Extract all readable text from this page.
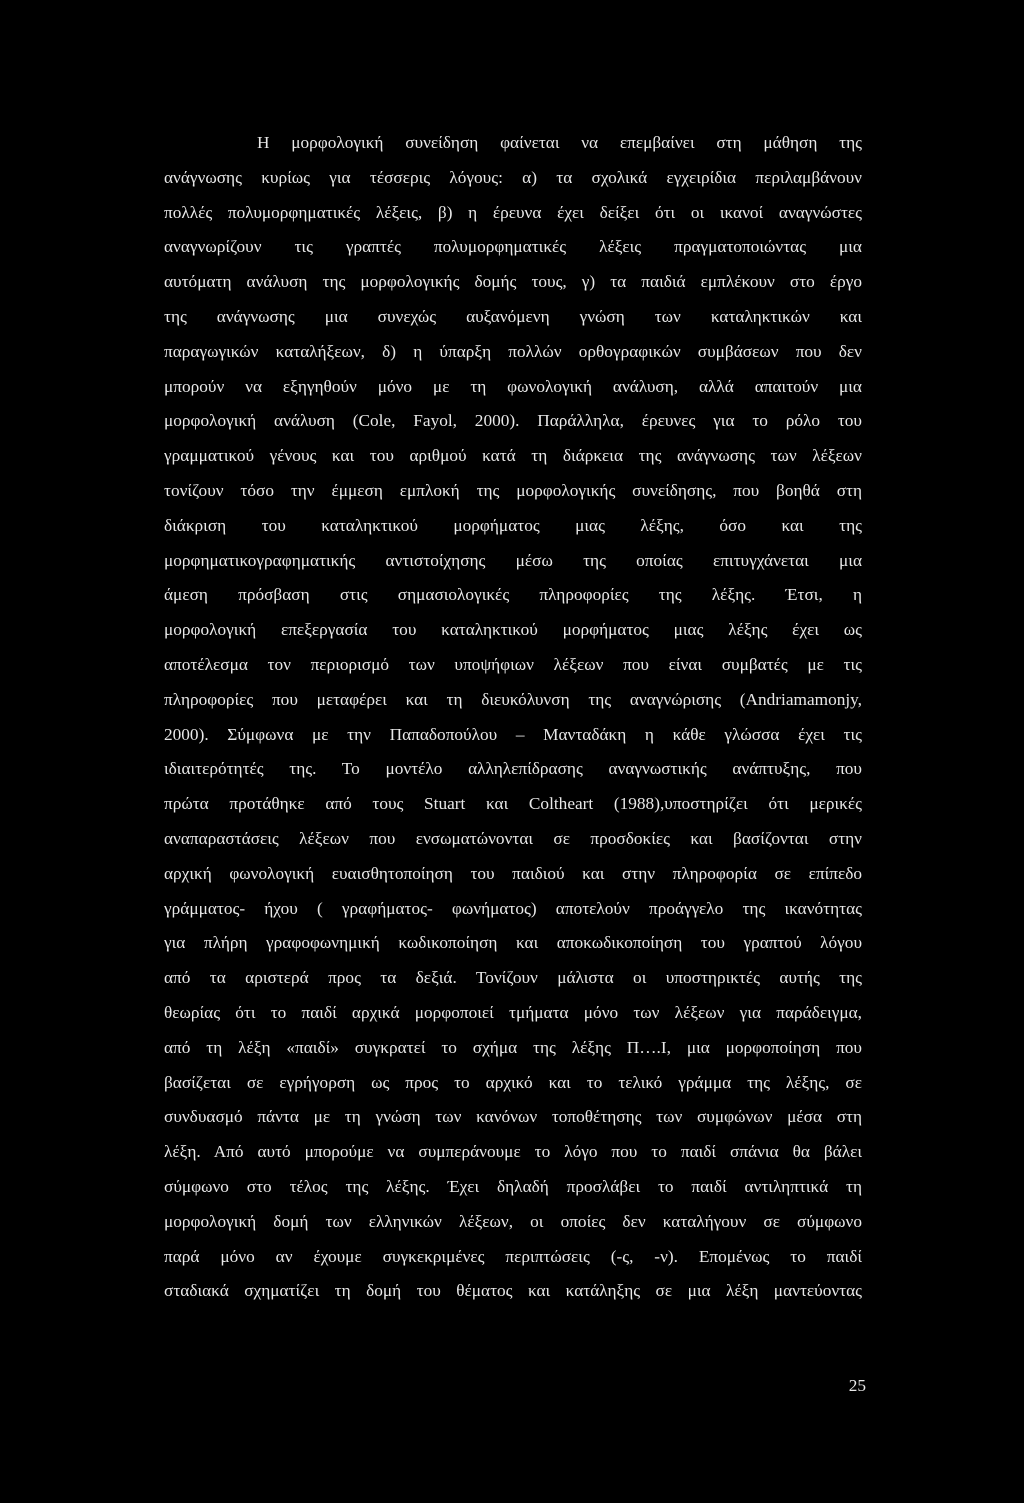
Η μορφολογική συνείδηση φαίνεται να επεμβαίνει στη μάθηση της
ανάγνωσης κυρίως για τέσσερις λόγους: α) τα σχολικά εγχειρίδια περιλαμβάνουν
πολλές πολυμορφηματικές λέξεις, β) η έρευνα έχει δείξει ότι οι ικανοί αναγνώστες
αναγνωρίζουν τις γραπτές πολυμορφηματικές λέξεις πραγματοποιώντας μια
αυτόματη ανάλυση της μορφολογικής δομής τους, γ) τα παιδιά εμπλέκουν στο έργο
της ανάγνωσης μια συνεχώς αυξανόμενη γνώση των καταληκτικών και
παραγωγικών καταλήξεων, δ) η ύπαρξη πολλών ορθογραφικών συμβάσεων που δεν
μπορούν να εξηγηθούν μόνο με τη φωνολογική ανάλυση, αλλά απαιτούν μια
μορφολογική ανάλυση (Cole, Fayol, 2000). Παράλληλα, έρευνες για το ρόλο του
γραμματικού γένους και του αριθμού κατά τη διάρκεια της ανάγνωσης των λέξεων
τονίζουν τόσο την έμμεση εμπλοκή της μορφολογικής συνείδησης, που βοηθά στη
διάκριση του καταληκτικού μορφήματος μιας λέξης, όσο και της
μορφηματικογραφηματικής αντιστοίχησης μέσω της οποίας επιτυγχάνεται μια
άμεση πρόσβαση στις σημασιολογικές πληροφορίες της λέξης. Έτσι, η
μορφολογική επεξεργασία του καταληκτικού μορφήματος μιας λέξης έχει ως
αποτέλεσμα τον περιορισμό των υποψήφιων λέξεων που είναι συμβατές με τις
πληροφορίες που μεταφέρει και τη διευκόλυνση της αναγνώρισης (Andriamamonjy,
2000). Σύμφωνα με την Παπαδοπούλου – Μανταδάκη η κάθε γλώσσα έχει τις
ιδιαιτερότητές της. Το μοντέλο αλληλεπίδρασης αναγνωστικής ανάπτυξης, που
πρώτα προτάθηκε από τους Stuart και Coltheart (1988),υποστηρίζει ότι μερικές
αναπαραστάσεις λέξεων που ενσωματώνονται σε προσδοκίες και βασίζονται στην
αρχική φωνολογική ευαισθητοποίηση του παιδιού και στην πληροφορία σε επίπεδο
γράμματος- ήχου ( γραφήματος- φωνήματος) αποτελούν προάγγελο της ικανότητας
για πλήρη γραφοφωνημική κωδικοποίηση και αποκωδικοποίηση του γραπτού λόγου
από τα αριστερά προς τα δεξιά. Τονίζουν μάλιστα οι υποστηρικτές αυτής της
θεωρίας ότι το παιδί αρχικά μορφοποιεί τμήματα μόνο των λέξεων για παράδειγμα,
από τη λέξη «παιδί» συγκρατεί το σχήμα της λέξης Π….Ι, μια μορφοποίηση που
βασίζεται σε εγρήγορση ως προς το αρχικό και το τελικό γράμμα της λέξης, σε
συνδυασμό πάντα με τη γνώση των κανόνων τοποθέτησης των συμφώνων μέσα στη
λέξη. Από αυτό μπορούμε να συμπεράνουμε το λόγο που το παιδί σπάνια θα βάλει
σύμφωνο στο τέλος της λέξης. Έχει δηλαδή προσλάβει το παιδί αντιληπτικά τη
μορφολογική δομή των ελληνικών λέξεων, οι οποίες δεν καταλήγουν σε σύμφωνο
παρά μόνο αν έχουμε συγκεκριμένες περιπτώσεις (-ς, -ν). Επομένως το παιδί
σταδιακά σχηματίζει τη δομή του θέματος και κατάληξης σε μια λέξη μαντεύοντας
25
